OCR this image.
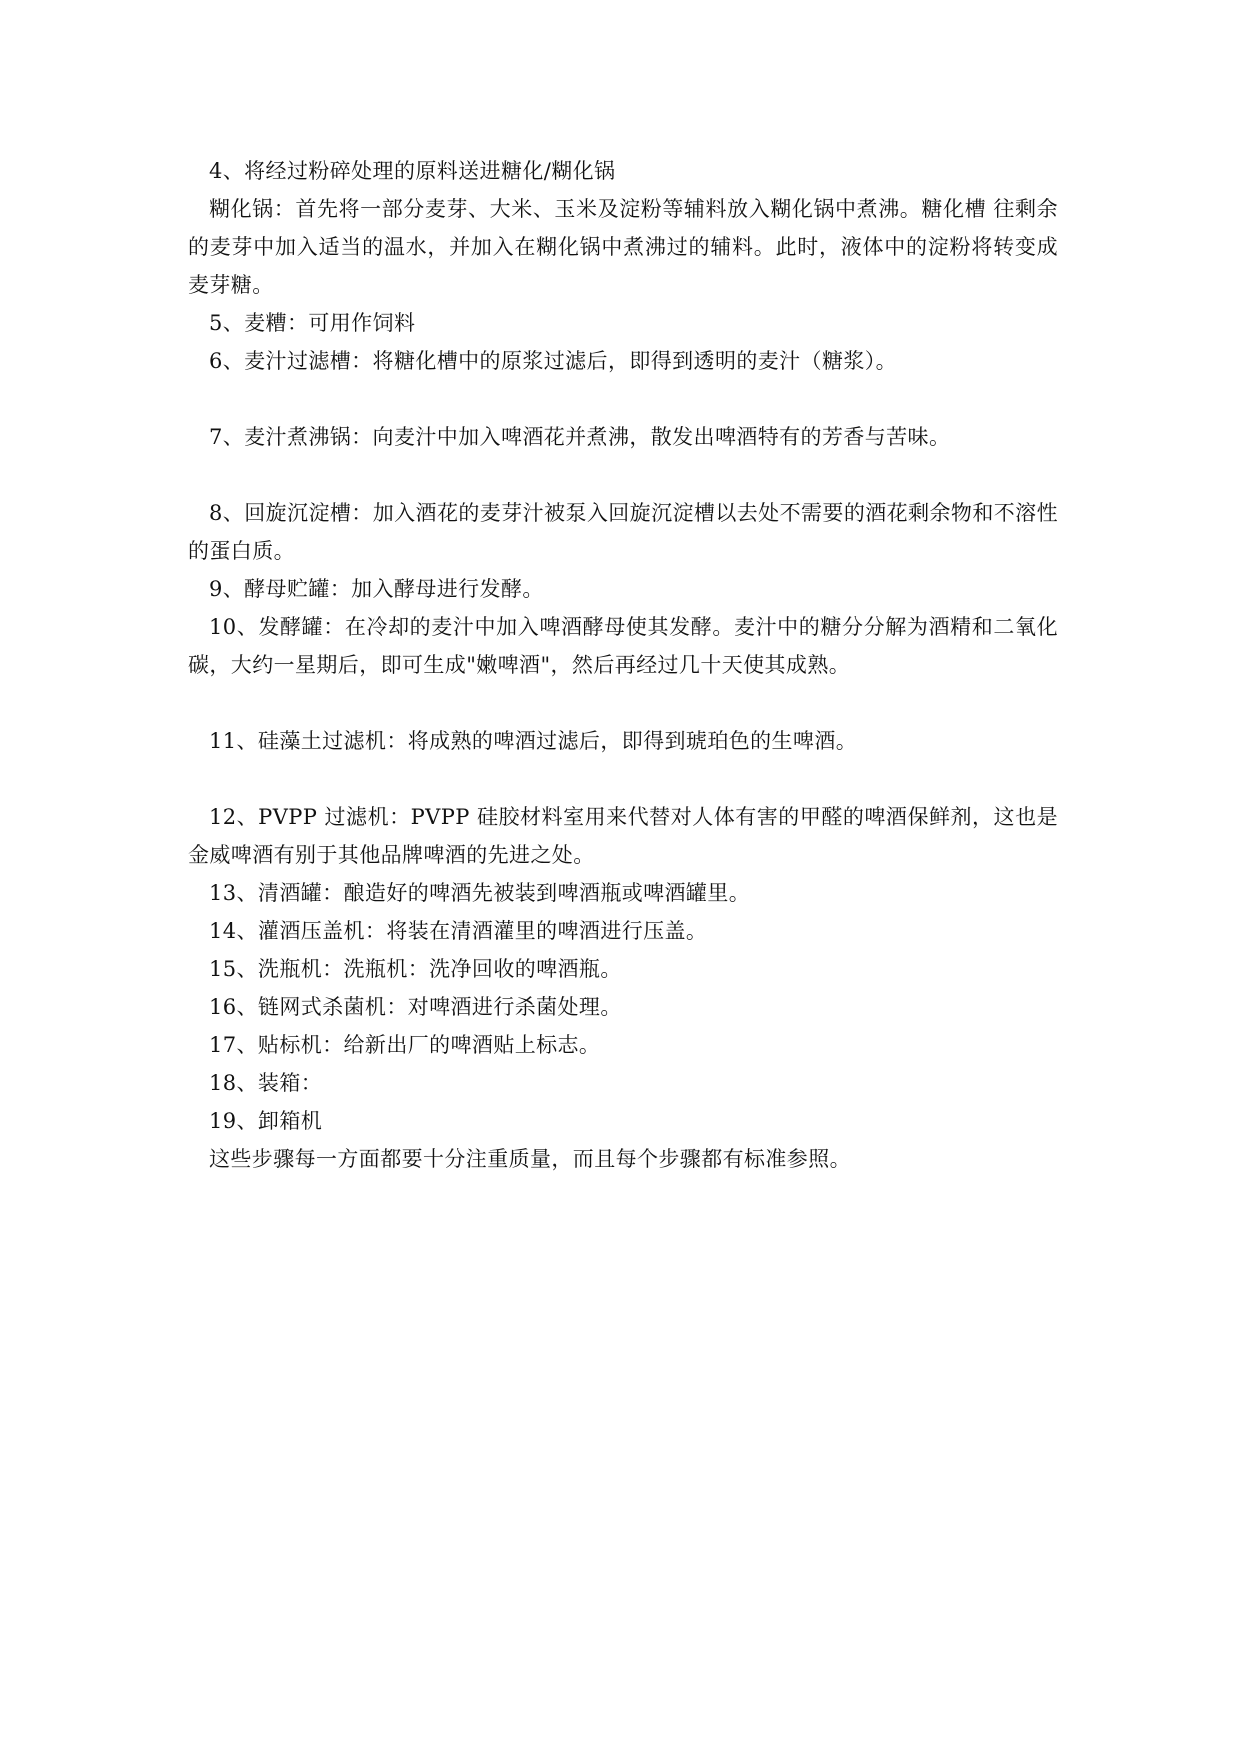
4、将经过粉碎处理的原料送进糖化/糊化锅

糊化锅：首先将一部分麦芽、大米、玉米及淀粉等辅料放入糊化锅中煮沸。糖化槽 往剩余的麦芽中加入适当的温水，并加入在糊化锅中煮沸过的辅料。此时，液体中的淀粉将转变成麦芽糖。

5、麦糟：可用作饲料

6、麦汁过滤槽：将糖化槽中的原浆过滤后，即得到透明的麦汁（糖浆）。

7、麦汁煮沸锅：向麦汁中加入啤酒花并煮沸，散发出啤酒特有的芳香与苦味。

8、回旋沉淀槽：加入酒花的麦芽汁被泵入回旋沉淀槽以去处不需要的酒花剩余物和不溶性的蛋白质。

9、酵母贮罐：加入酵母进行发酵。

10、发酵罐：在冷却的麦汁中加入啤酒酵母使其发酵。麦汁中的糖分分解为酒精和二氧化碳，大约一星期后，即可生成"嫩啤酒"，然后再经过几十天使其成熟。

11、硅藻土过滤机：将成熟的啤酒过滤后，即得到琥珀色的生啤酒。

12、PVPP 过滤机：PVPP 硅胶材料室用来代替对人体有害的甲醛的啤酒保鲜剂，这也是金威啤酒有别于其他品牌啤酒的先进之处。

13、清酒罐：酿造好的啤酒先被装到啤酒瓶或啤酒罐里。

14、灌酒压盖机：将装在清酒灌里的啤酒进行压盖。

15、洗瓶机：洗瓶机：洗净回收的啤酒瓶。

16、链网式杀菌机：对啤酒进行杀菌处理。

17、贴标机：给新出厂的啤酒贴上标志。

18、装箱：

19、卸箱机

这些步骤每一方面都要十分注重质量，而且每个步骤都有标准参照。
